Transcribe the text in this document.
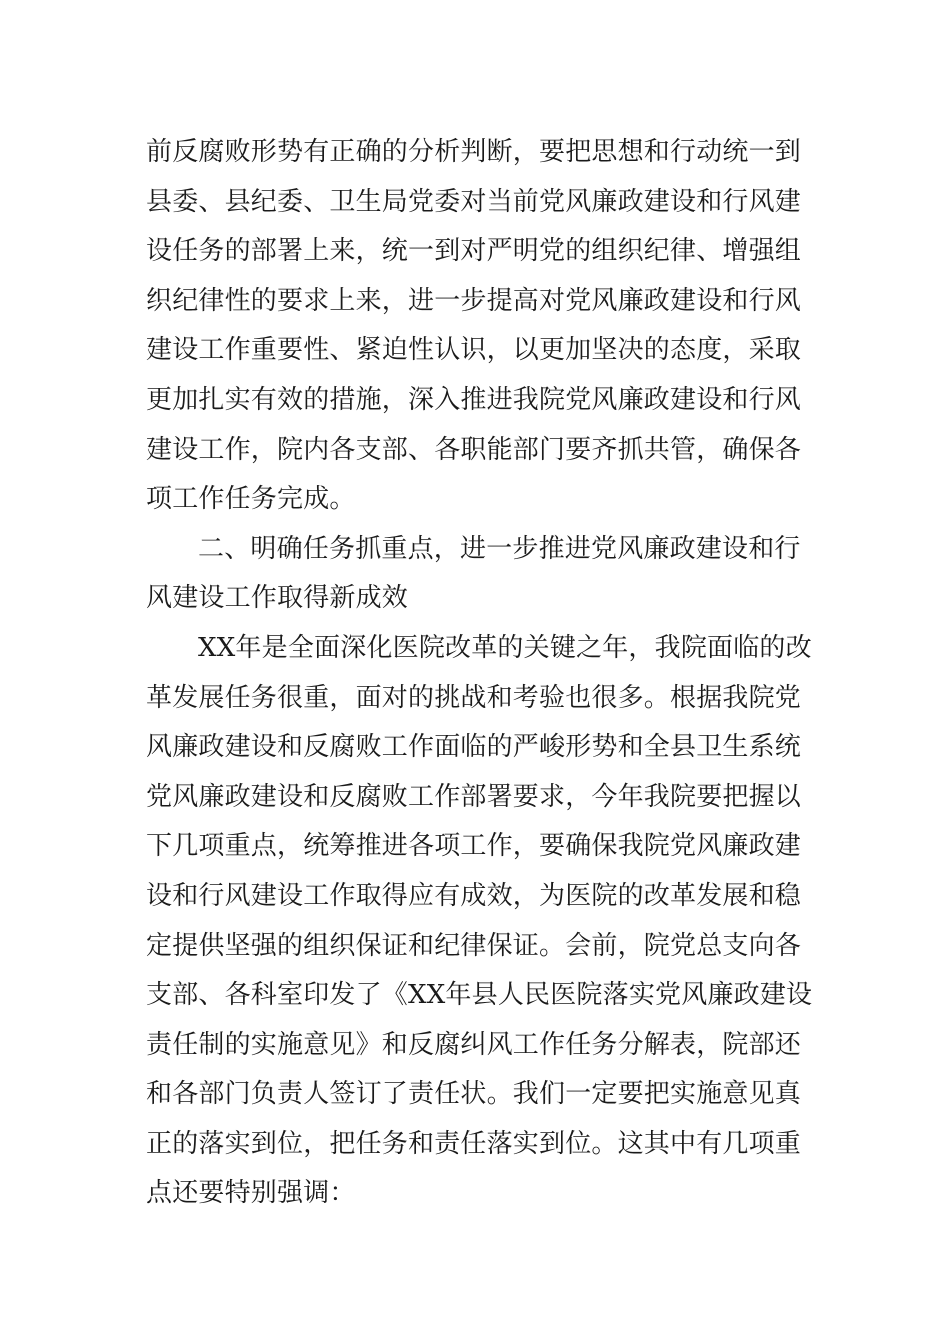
前反腐败形势有正确的分析判断，要把思想和行动统一到
县委、县纪委、卫生局党委对当前党风廉政建设和行风建
设任务的部署上来，统一到对严明党的组织纪律、增强组
织纪律性的要求上来，进一步提高对党风廉政建设和行风
建设工作重要性、紧迫性认识，以更加坚决的态度，采取
更加扎实有效的措施，深入推进我院党风廉政建设和行风
建设工作，院内各支部、各职能部门要齐抓共管，确保各
项工作任务完成。
二、明确任务抓重点，进一步推进党风廉政建设和行
风建设工作取得新成效
XX年是全面深化医院改革的关键之年，我院面临的改
革发展任务很重，面对的挑战和考验也很多。根据我院党
风廉政建设和反腐败工作面临的严峻形势和全县卫生系统
党风廉政建设和反腐败工作部署要求，今年我院要把握以
下几项重点，统筹推进各项工作，要确保我院党风廉政建
设和行风建设工作取得应有成效，为医院的改革发展和稳
定提供坚强的组织保证和纪律保证。会前，院党总支向各
支部、各科室印发了《XX年县人民医院落实党风廉政建设
责任制的实施意见》和反腐纠风工作任务分解表，院部还
和各部门负责人签订了责任状。我们一定要把实施意见真
正的落实到位，把任务和责任落实到位。这其中有几项重
点还要特别强调：
